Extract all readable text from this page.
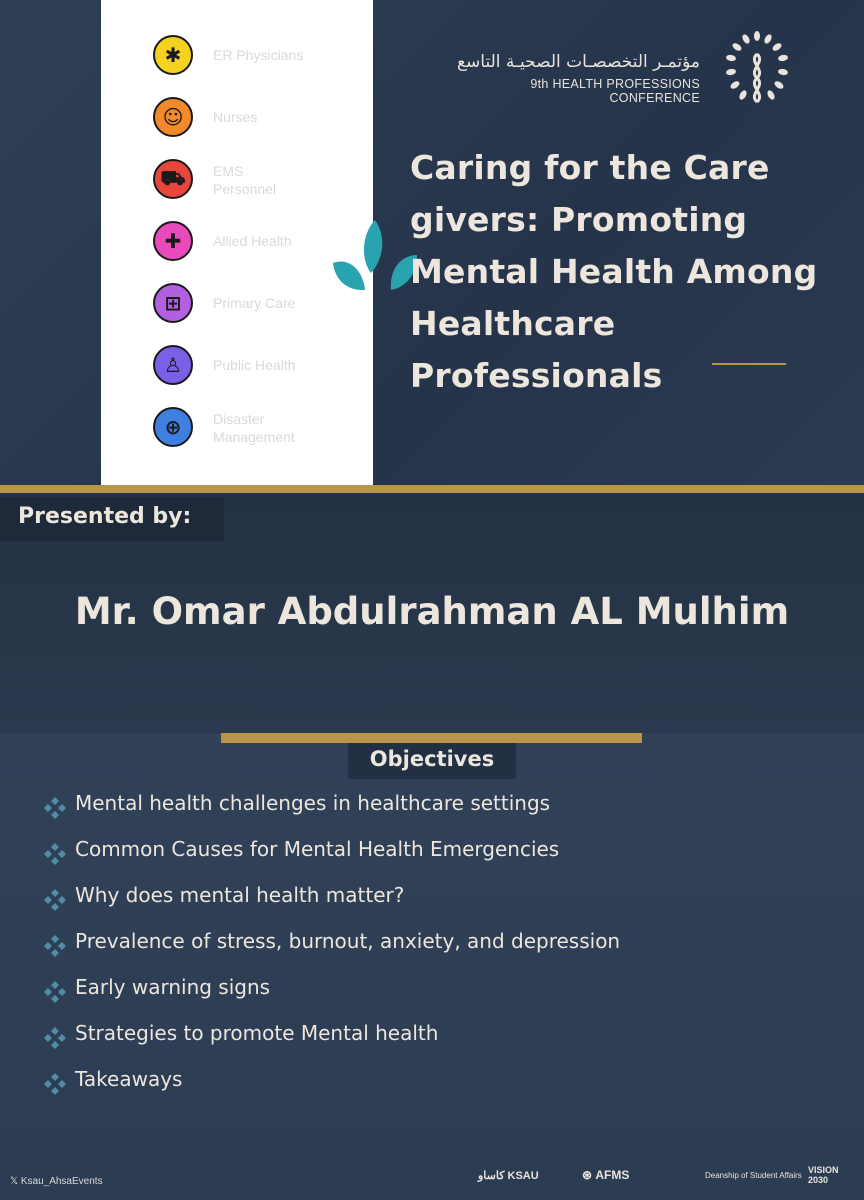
✱	ER Physicians
☺	Nurses
⛟	EMS Personnel
✚	Allied Health
⊞	Primary Care
♙	Public Health
⊕	Disaster Management
مؤتمـر التخصصـات الصحيـة التاسع
9th HEALTH PROFESSIONS CONFERENCE
Caring for the Care givers: Promoting Mental Health Among Healthcare Professionals
Presented by:
Mr. Omar Abdulrahman AL Mulhim
Objectives
Mental health challenges in healthcare settings
Common Causes for Mental Health Emergencies
Why does mental health matter?
Prevalence of stress, burnout, anxiety, and depression
Early warning signs
Strategies to promote Mental health
Takeaways
𝕏 Ksau_AhsaEvents	كاساو KSAU	⊛ AFMS	Deanship of Student Affairs VISION 2030
